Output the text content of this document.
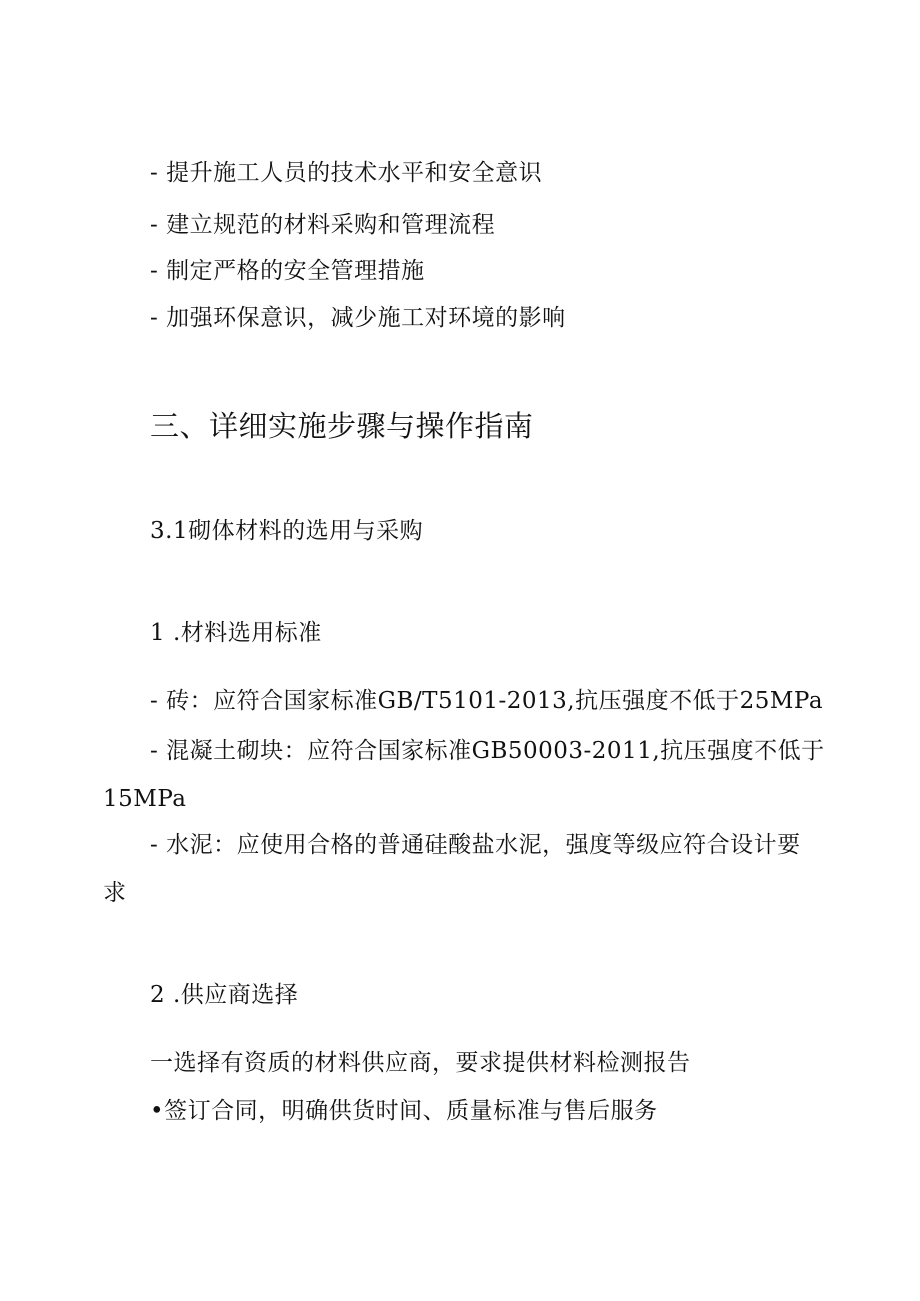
- 提升施工人员的技术水平和安全意识
- 建立规范的材料采购和管理流程
- 制定严格的安全管理措施
- 加强环保意识，减少施工对环境的影响
三、详细实施步骤与操作指南
3.1砌体材料的选用与采购
1 .材料选用标准
- 砖：应符合国家标准GB/T5101-2013,抗压强度不低于25MPa
- 混凝土砌块：应符合国家标准GB50003-2011,抗压强度不低于
15MPa
- 水泥：应使用合格的普通硅酸盐水泥，强度等级应符合设计要
求
2 .供应商选择
一选择有资质的材料供应商，要求提供材料检测报告
•签订合同，明确供货时间、质量标准与售后服务
